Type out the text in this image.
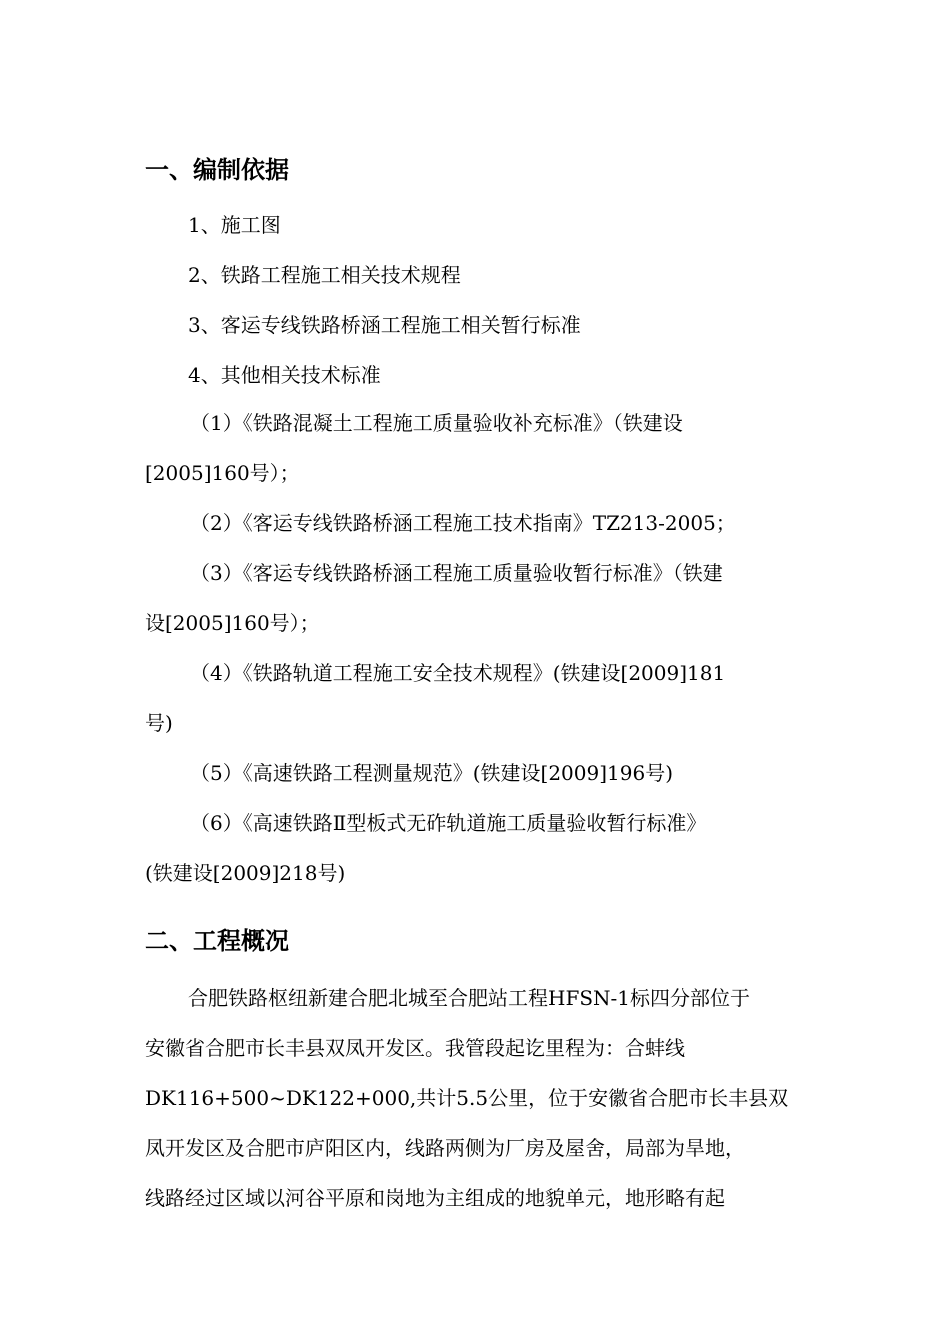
一、编制依据
1、施工图
2、铁路工程施工相关技术规程
3、客运专线铁路桥涵工程施工相关暂行标准
4、其他相关技术标准
（1）《铁路混凝土工程施工质量验收补充标准》（铁建设
[2005]160号）；
（2）《客运专线铁路桥涵工程施工技术指南》TZ213-2005；
（3）《客运专线铁路桥涵工程施工质量验收暂行标准》（铁建
设[2005]160号）；
（4）《铁路轨道工程施工安全技术规程》(铁建设[2009]181
号)
（5）《高速铁路工程测量规范》(铁建设[2009]196号)
（6）《高速铁路Ⅱ型板式无砟轨道施工质量验收暂行标准》
(铁建设[2009]218号)
二、工程概况
合肥铁路枢纽新建合肥北城至合肥站工程HFSN-1标四分部位于
安徽省合肥市长丰县双凤开发区。我管段起讫里程为：合蚌线
DK116+500~DK122+000,共计5.5公里，位于安徽省合肥市长丰县双
凤开发区及合肥市庐阳区内，线路两侧为厂房及屋舍，局部为旱地，
线路经过区域以河谷平原和岗地为主组成的地貌单元，地形略有起
